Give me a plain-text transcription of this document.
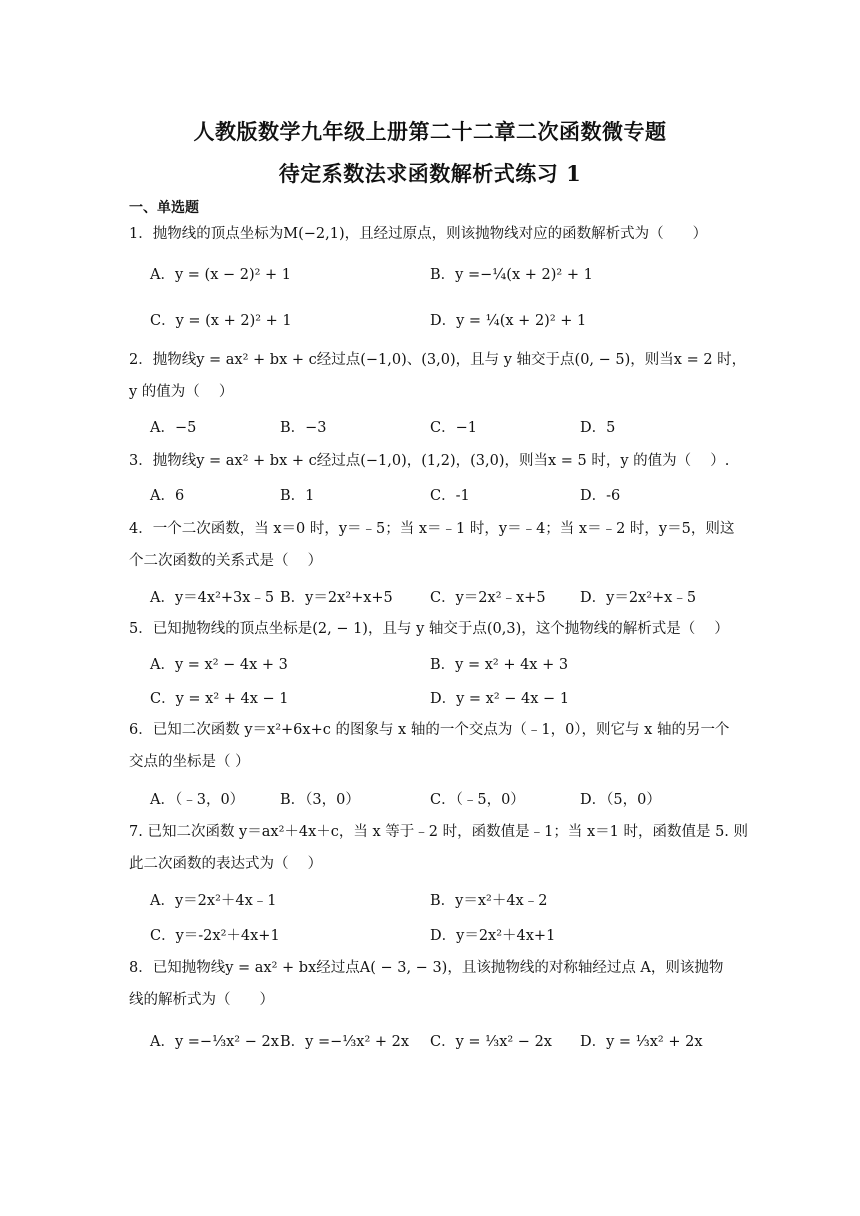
人教版数学九年级上册第二十二章二次函数微专题
待定系数法求函数解析式练习 1
一、单选题
1．抛物线的顶点坐标为M(−2,1)，且经过原点，则该抛物线对应的函数解析式为（　　）
A．y = (x − 2)² + 1	B．y =−¼(x + 2)² + 1
C．y = (x + 2)² + 1	D．y = ¼(x + 2)² + 1
2．抛物线y = ax² + bx + c经过点(−1,0)、(3,0)，且与 y 轴交于点(0, − 5)，则当x = 2 时，
y 的值为（　 ）
A．−5	B．−3	C．−1	D．5
3．抛物线y = ax² + bx + c经过点(−1,0)，(1,2)，(3,0)，则当x = 5 时，y 的值为（　 ）.
A．6	B．1	C．-1	D．-6
4．一个二次函数，当 x＝0 时，y＝﹣5；当 x＝﹣1 时，y＝﹣4；当 x＝﹣2 时，y＝5，则这
个二次函数的关系式是（　 ）
A．y＝4x²+3x﹣5 B．y＝2x²+x+5	C．y＝2x²﹣x+5 D．y＝2x²+x﹣5
5．已知抛物线的顶点坐标是(2, − 1)，且与 y 轴交于点(0,3)，这个抛物线的解析式是（　 ）
A．y = x² − 4x + 3	B．y = x² + 4x + 3
C．y = x² + 4x − 1	D．y = x² − 4x − 1
6．已知二次函数 y＝x²+6x+c 的图象与 x 轴的一个交点为（﹣1，0），则它与 x 轴的另一个
交点的坐标是（ ）
A．（﹣3，0） B．（3，0）	C．（﹣5，0）	D．（5，0）
7. 已知二次函数 y＝ax²＋4x＋c，当 x 等于﹣2 时，函数值是﹣1；当 x＝1 时，函数值是 5. 则
此二次函数的表达式为（　 ）
A．y＝2x²＋4x﹣1	B．y＝x²＋4x﹣2
C．y＝-2x²＋4x+1	D．y＝2x²＋4x+1
8．已知抛物线y = ax² + bx经过点A( − 3, − 3)，且该抛物线的对称轴经过点 A，则该抛物
线的解析式为（　　）
A．y =−⅓x² − 2x B．y =−⅓x² + 2x C．y = ⅓x² − 2x D．y = ⅓x² + 2x
